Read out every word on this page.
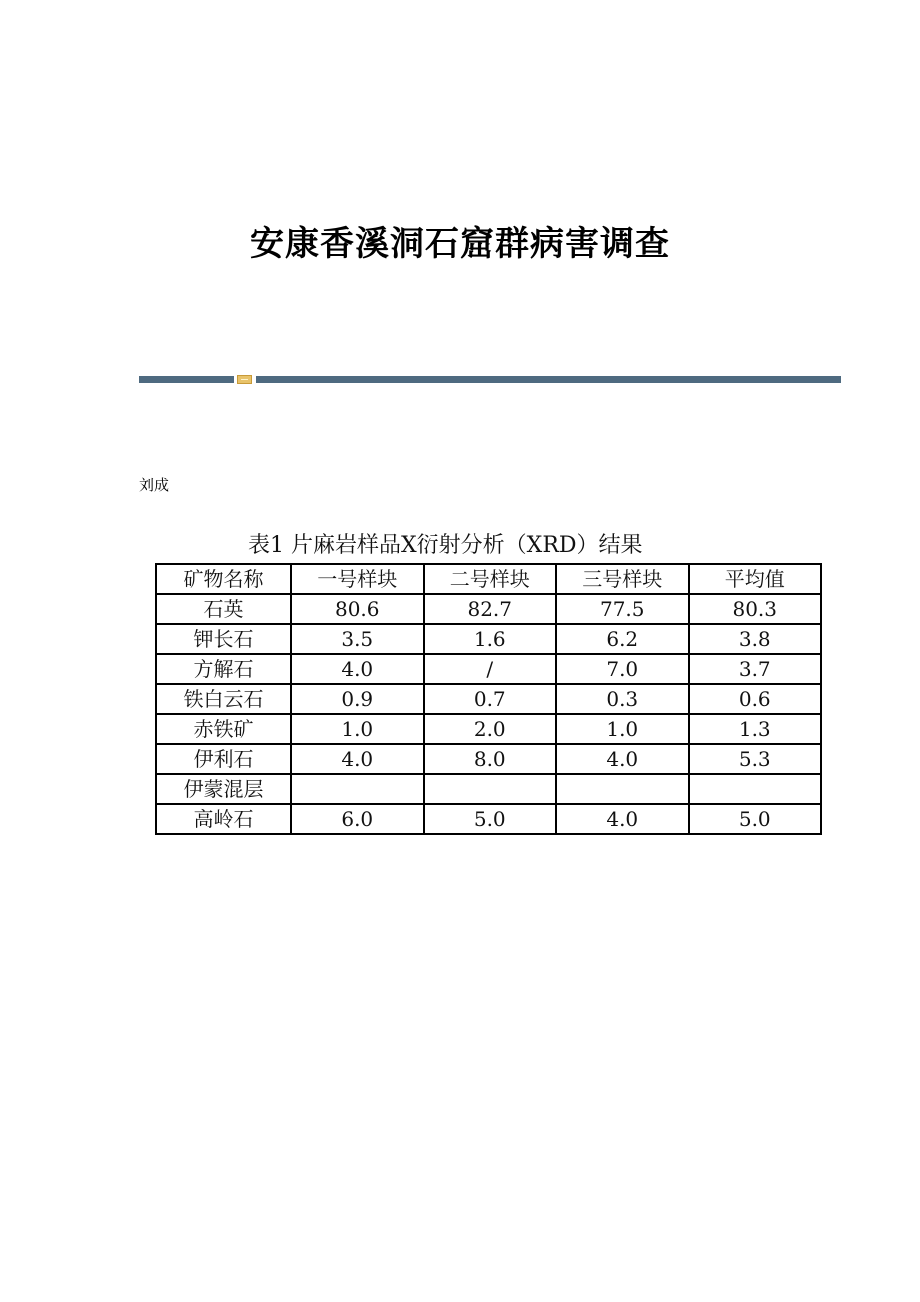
安康香溪洞石窟群病害调查
刘成
表1 片麻岩样品X衍射分析（XRD）结果
矿物名称	一号样块	二号样块	三号样块	平均值
石英	80.6	82.7	77.5	80.3
钾长石	3.5	1.6	6.2	3.8
方解石	4.0	/	7.0	3.7
铁白云石	0.9	0.7	0.3	0.6
赤铁矿	1.0	2.0	1.0	1.3
伊利石	4.0	8.0	4.0	5.3
伊蒙混层				
高岭石	6.0	5.0	4.0	5.0
